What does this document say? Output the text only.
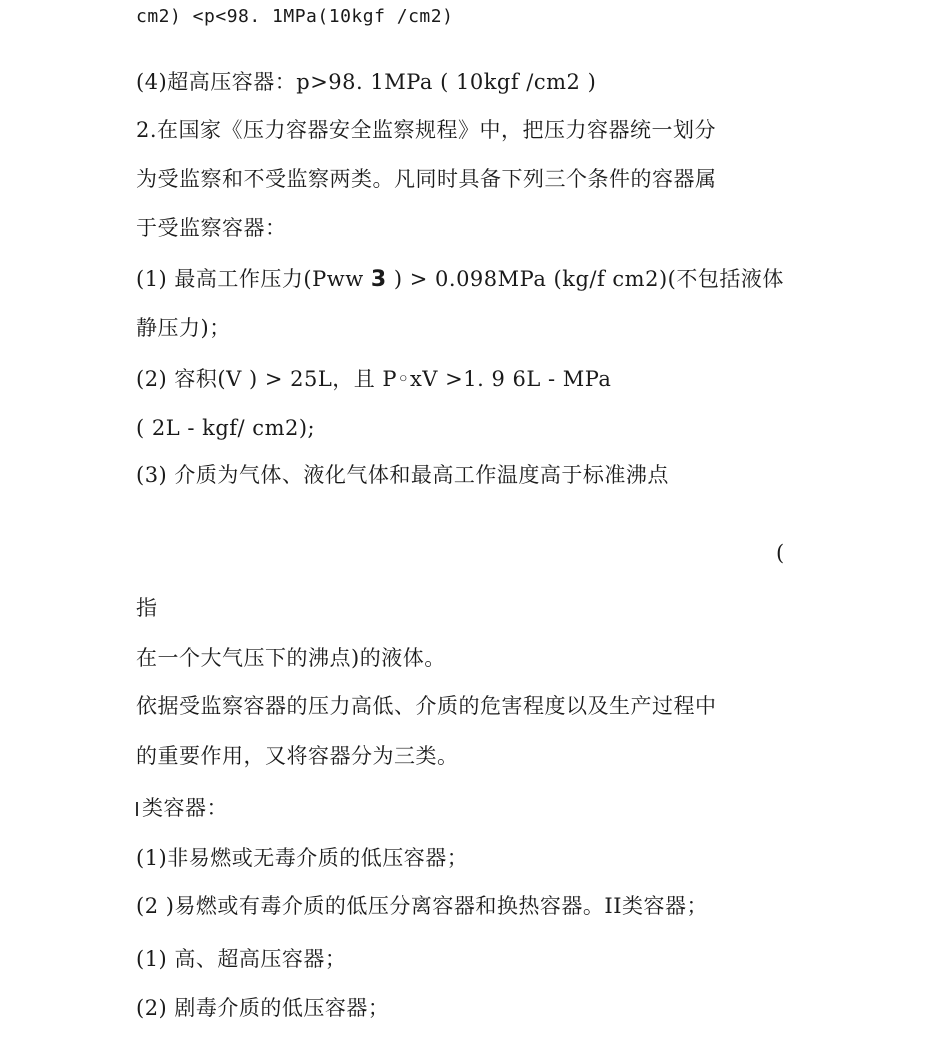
cm2) <p<98. 1MPa(10kgf /cm2)
(4)超高压容器：p>98. 1MPa ( 10kgf /cm2 )
2.在国家《压力容器安全监察规程》中，把压力容器统一划分
为受监察和不受监察两类。凡同时具备下列三个条件的容器属
于受监察容器：
(1) 最高工作压力(Pww 3 ) > 0.098MPa (kg/f cm2)(不包括液体
静压力)；
(2) 容积(V ) > 25L，且 P◦xV >1. 9 6L - MPa
( 2L - kgf/ cm2);
(3) 介质为气体、液化气体和最高工作温度高于标准沸点
(
指
在一个大气压下的沸点)的液体。
依据受监察容器的压力高低、介质的危害程度以及生产过程中
的重要作用，又将容器分为三类。
类容器：
(1)非易燃或无毒介质的低压容器；
(2 )易燃或有毒介质的低压分离容器和换热容器。II类容器；
(1) 高、超高压容器；
(2) 剧毒介质的低压容器；
